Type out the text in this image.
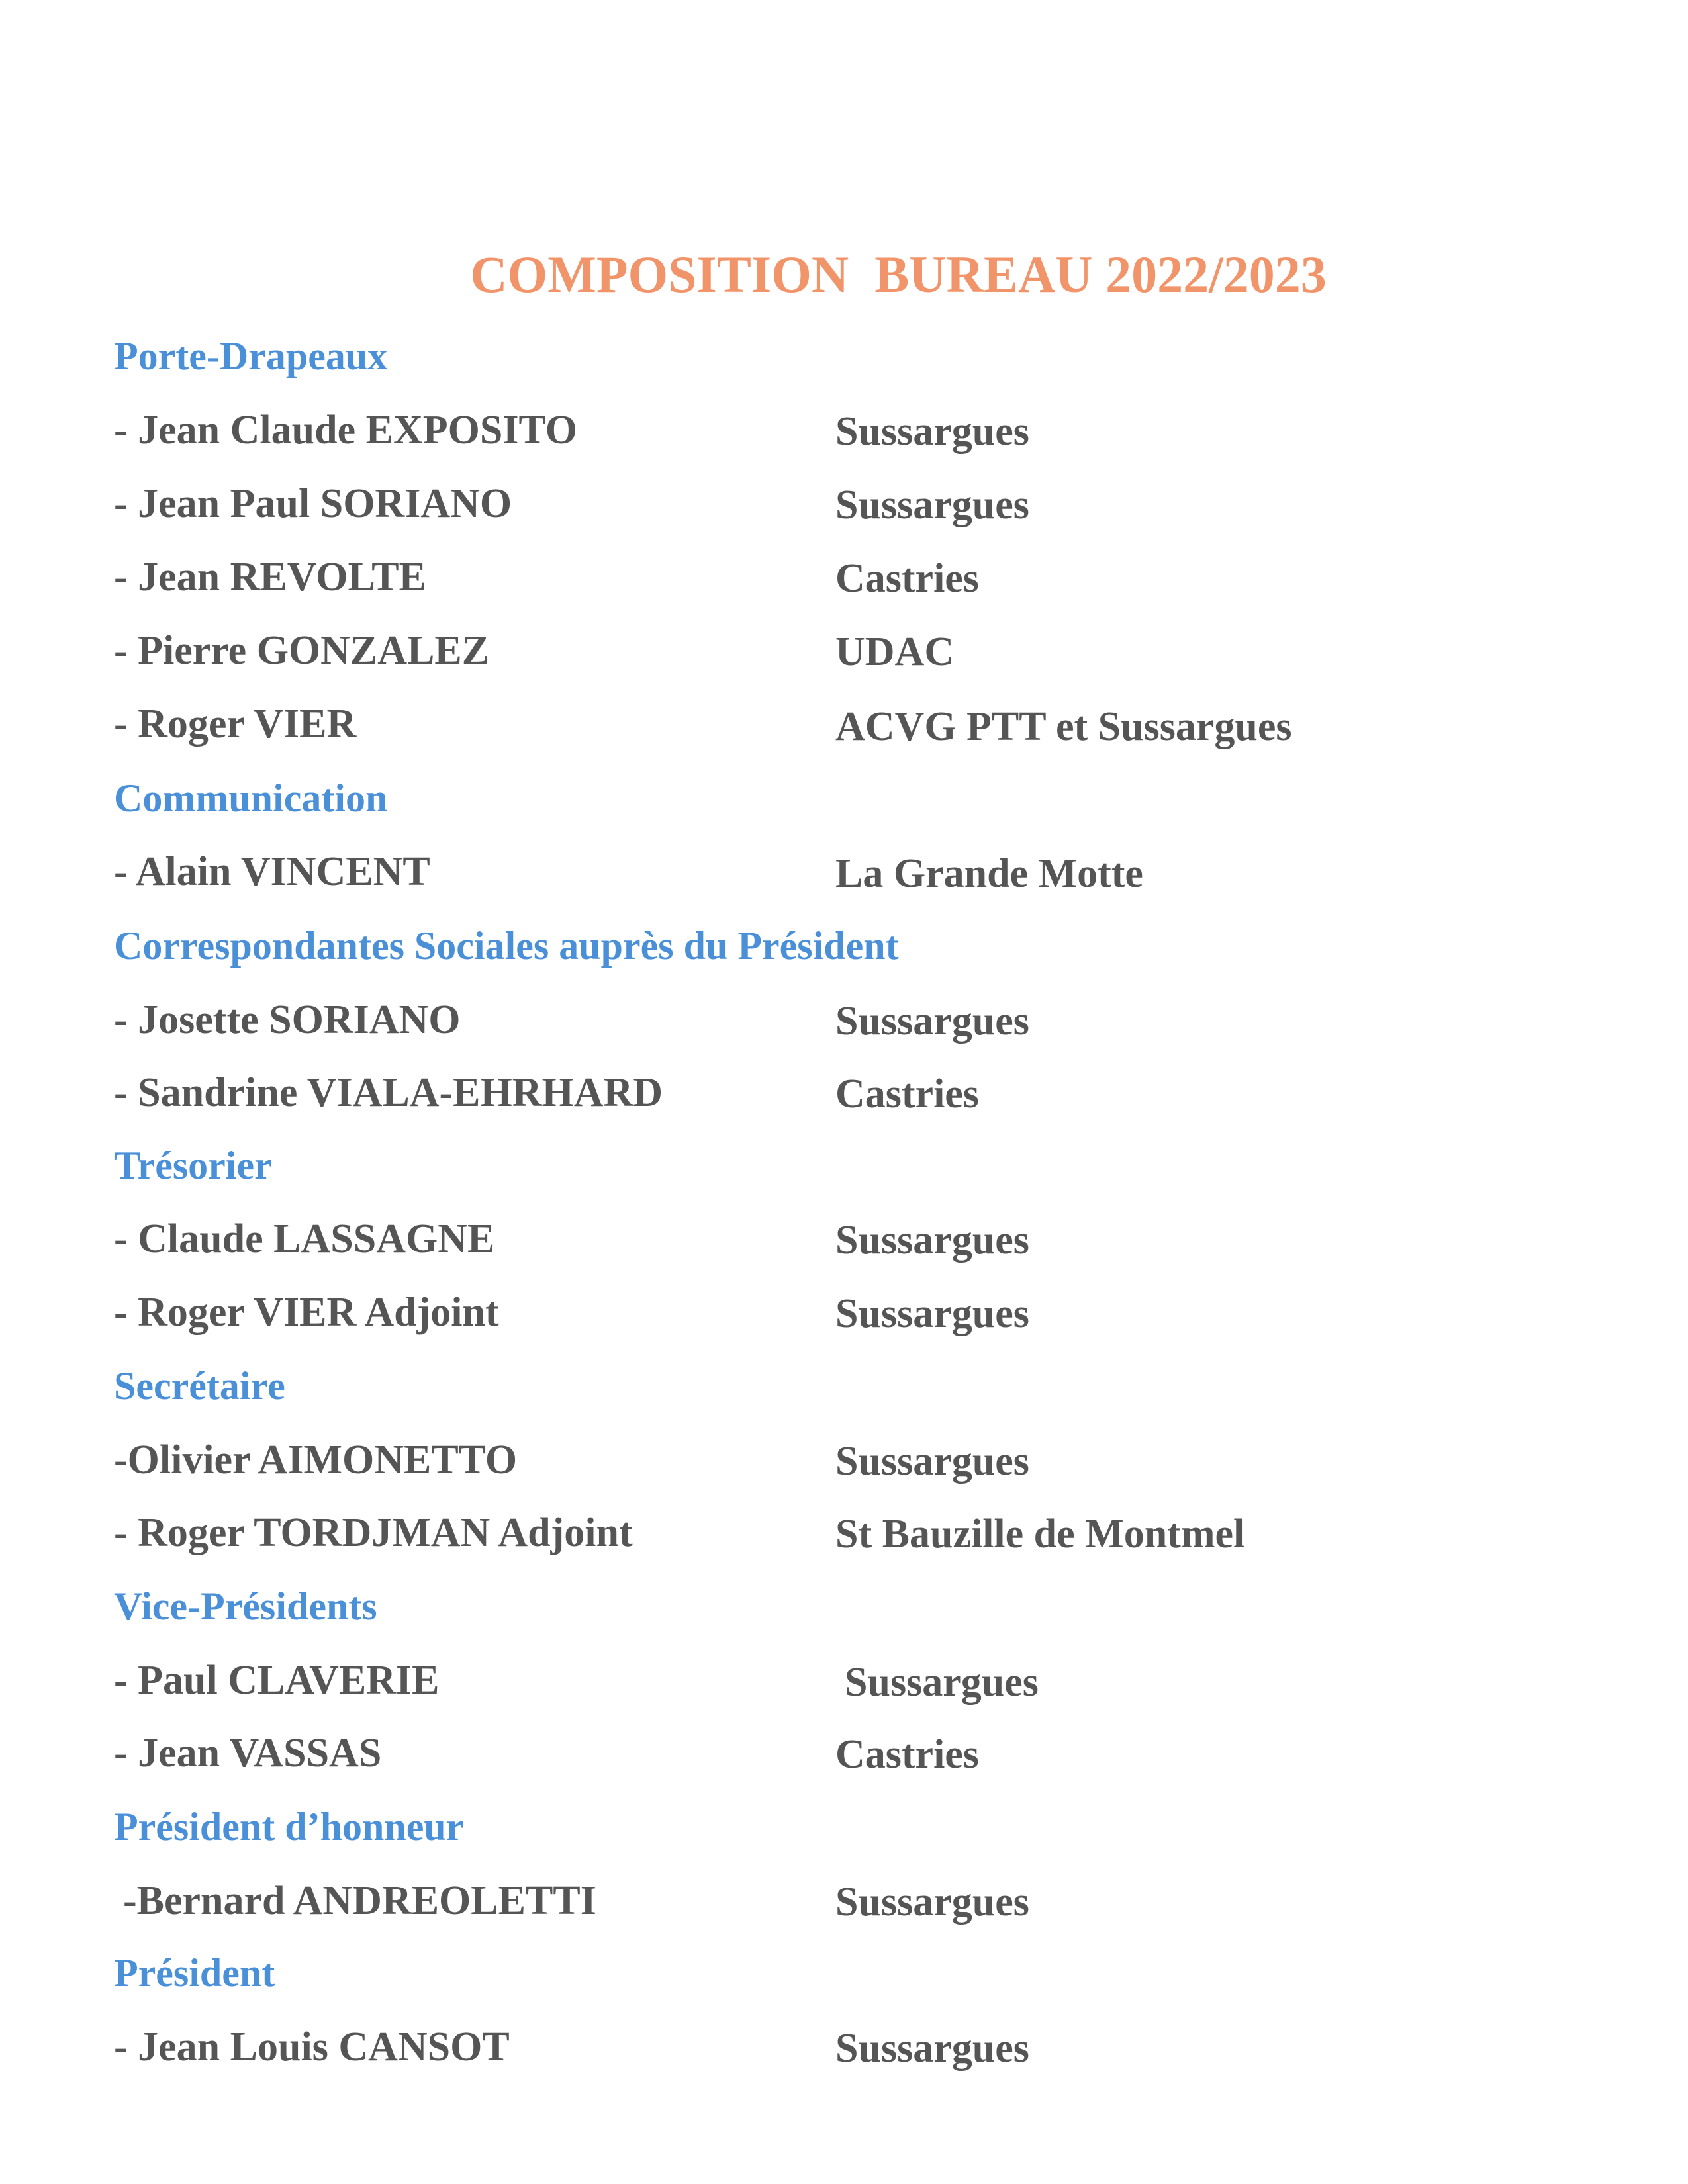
COMPOSITION  BUREAU 2022/2023
Porte-Drapeaux

- Jean Claude EXPOSITO	Sussargues

- Jean Paul SORIANO	Sussargues

- Jean REVOLTE	Castries

- Pierre GONZALEZ	UDAC

- Roger VIER	ACVG PTT et Sussargues

Communication

- Alain VINCENT	La Grande Motte

Correspondantes Sociales auprès du Président

- Josette SORIANO	Sussargues

- Sandrine VIALA-EHRHARD	Castries

Trésorier

- Claude LASSAGNE	Sussargues

- Roger VIER Adjoint	Sussargues

Secrétaire

-Olivier AIMONETTO	Sussargues

- Roger TORDJMAN Adjoint	St Bauzille de Montmel

Vice-Présidents

- Paul CLAVERIE	Sussargues

- Jean VASSAS	Castries

Président d’honneur

-Bernard ANDREOLETTI	Sussargues

Président

- Jean Louis CANSOT	Sussargues
